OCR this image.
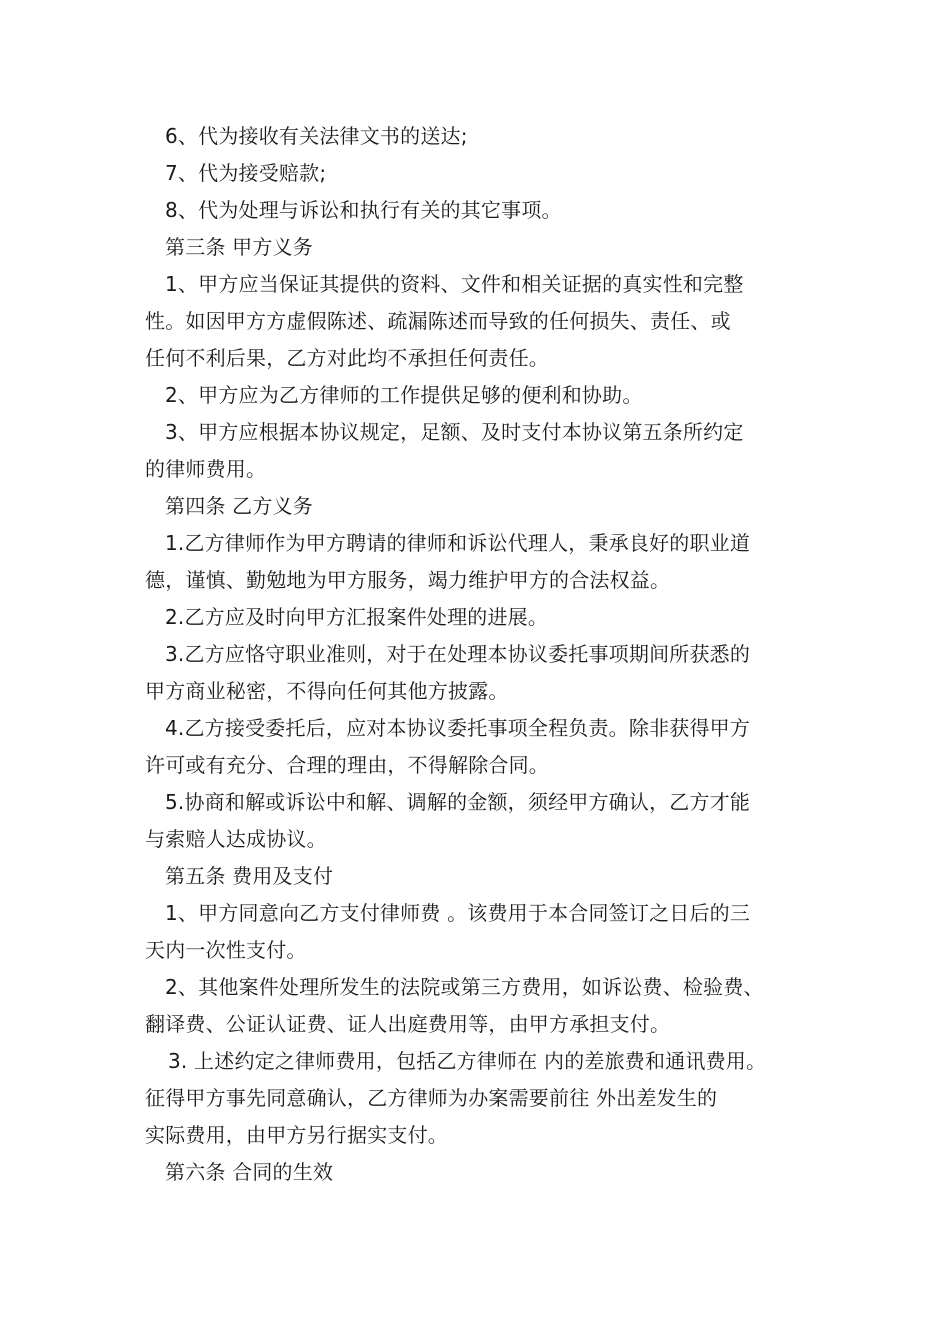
6、代为接收有关法律文书的送达;
7、代为接受赔款;
8、代为处理与诉讼和执行有关的其它事项。
第三条 甲方义务
1、甲方应当保证其提供的资料、文件和相关证据的真实性和完整
性。如因甲方方虚假陈述、疏漏陈述而导致的任何损失、责任、或
任何不利后果，乙方对此均不承担任何责任。
2、甲方应为乙方律师的工作提供足够的便利和协助。
3、甲方应根据本协议规定，足额、及时支付本协议第五条所约定
的律师费用。
第四条 乙方义务
1.乙方律师作为甲方聘请的律师和诉讼代理人，秉承良好的职业道
德，谨慎、勤勉地为甲方服务，竭力维护甲方的合法权益。
2.乙方应及时向甲方汇报案件处理的进展。
3.乙方应恪守职业准则，对于在处理本协议委托事项期间所获悉的
甲方商业秘密，不得向任何其他方披露。
4.乙方接受委托后，应对本协议委托事项全程负责。除非获得甲方
许可或有充分、合理的理由，不得解除合同。
5.协商和解或诉讼中和解、调解的金额，须经甲方确认，乙方才能
与索赔人达成协议。
第五条 费用及支付
1、甲方同意向乙方支付律师费 。该费用于本合同签订之日后的三
天内一次性支付。
2、其他案件处理所发生的法院或第三方费用，如诉讼费、检验费、
翻译费、公证认证费、证人出庭费用等，由甲方承担支付。
3. 上述约定之律师费用，包括乙方律师在 内的差旅费和通讯费用。
征得甲方事先同意确认，乙方律师为办案需要前往 外出差发生的
实际费用，由甲方另行据实支付。
第六条 合同的生效
